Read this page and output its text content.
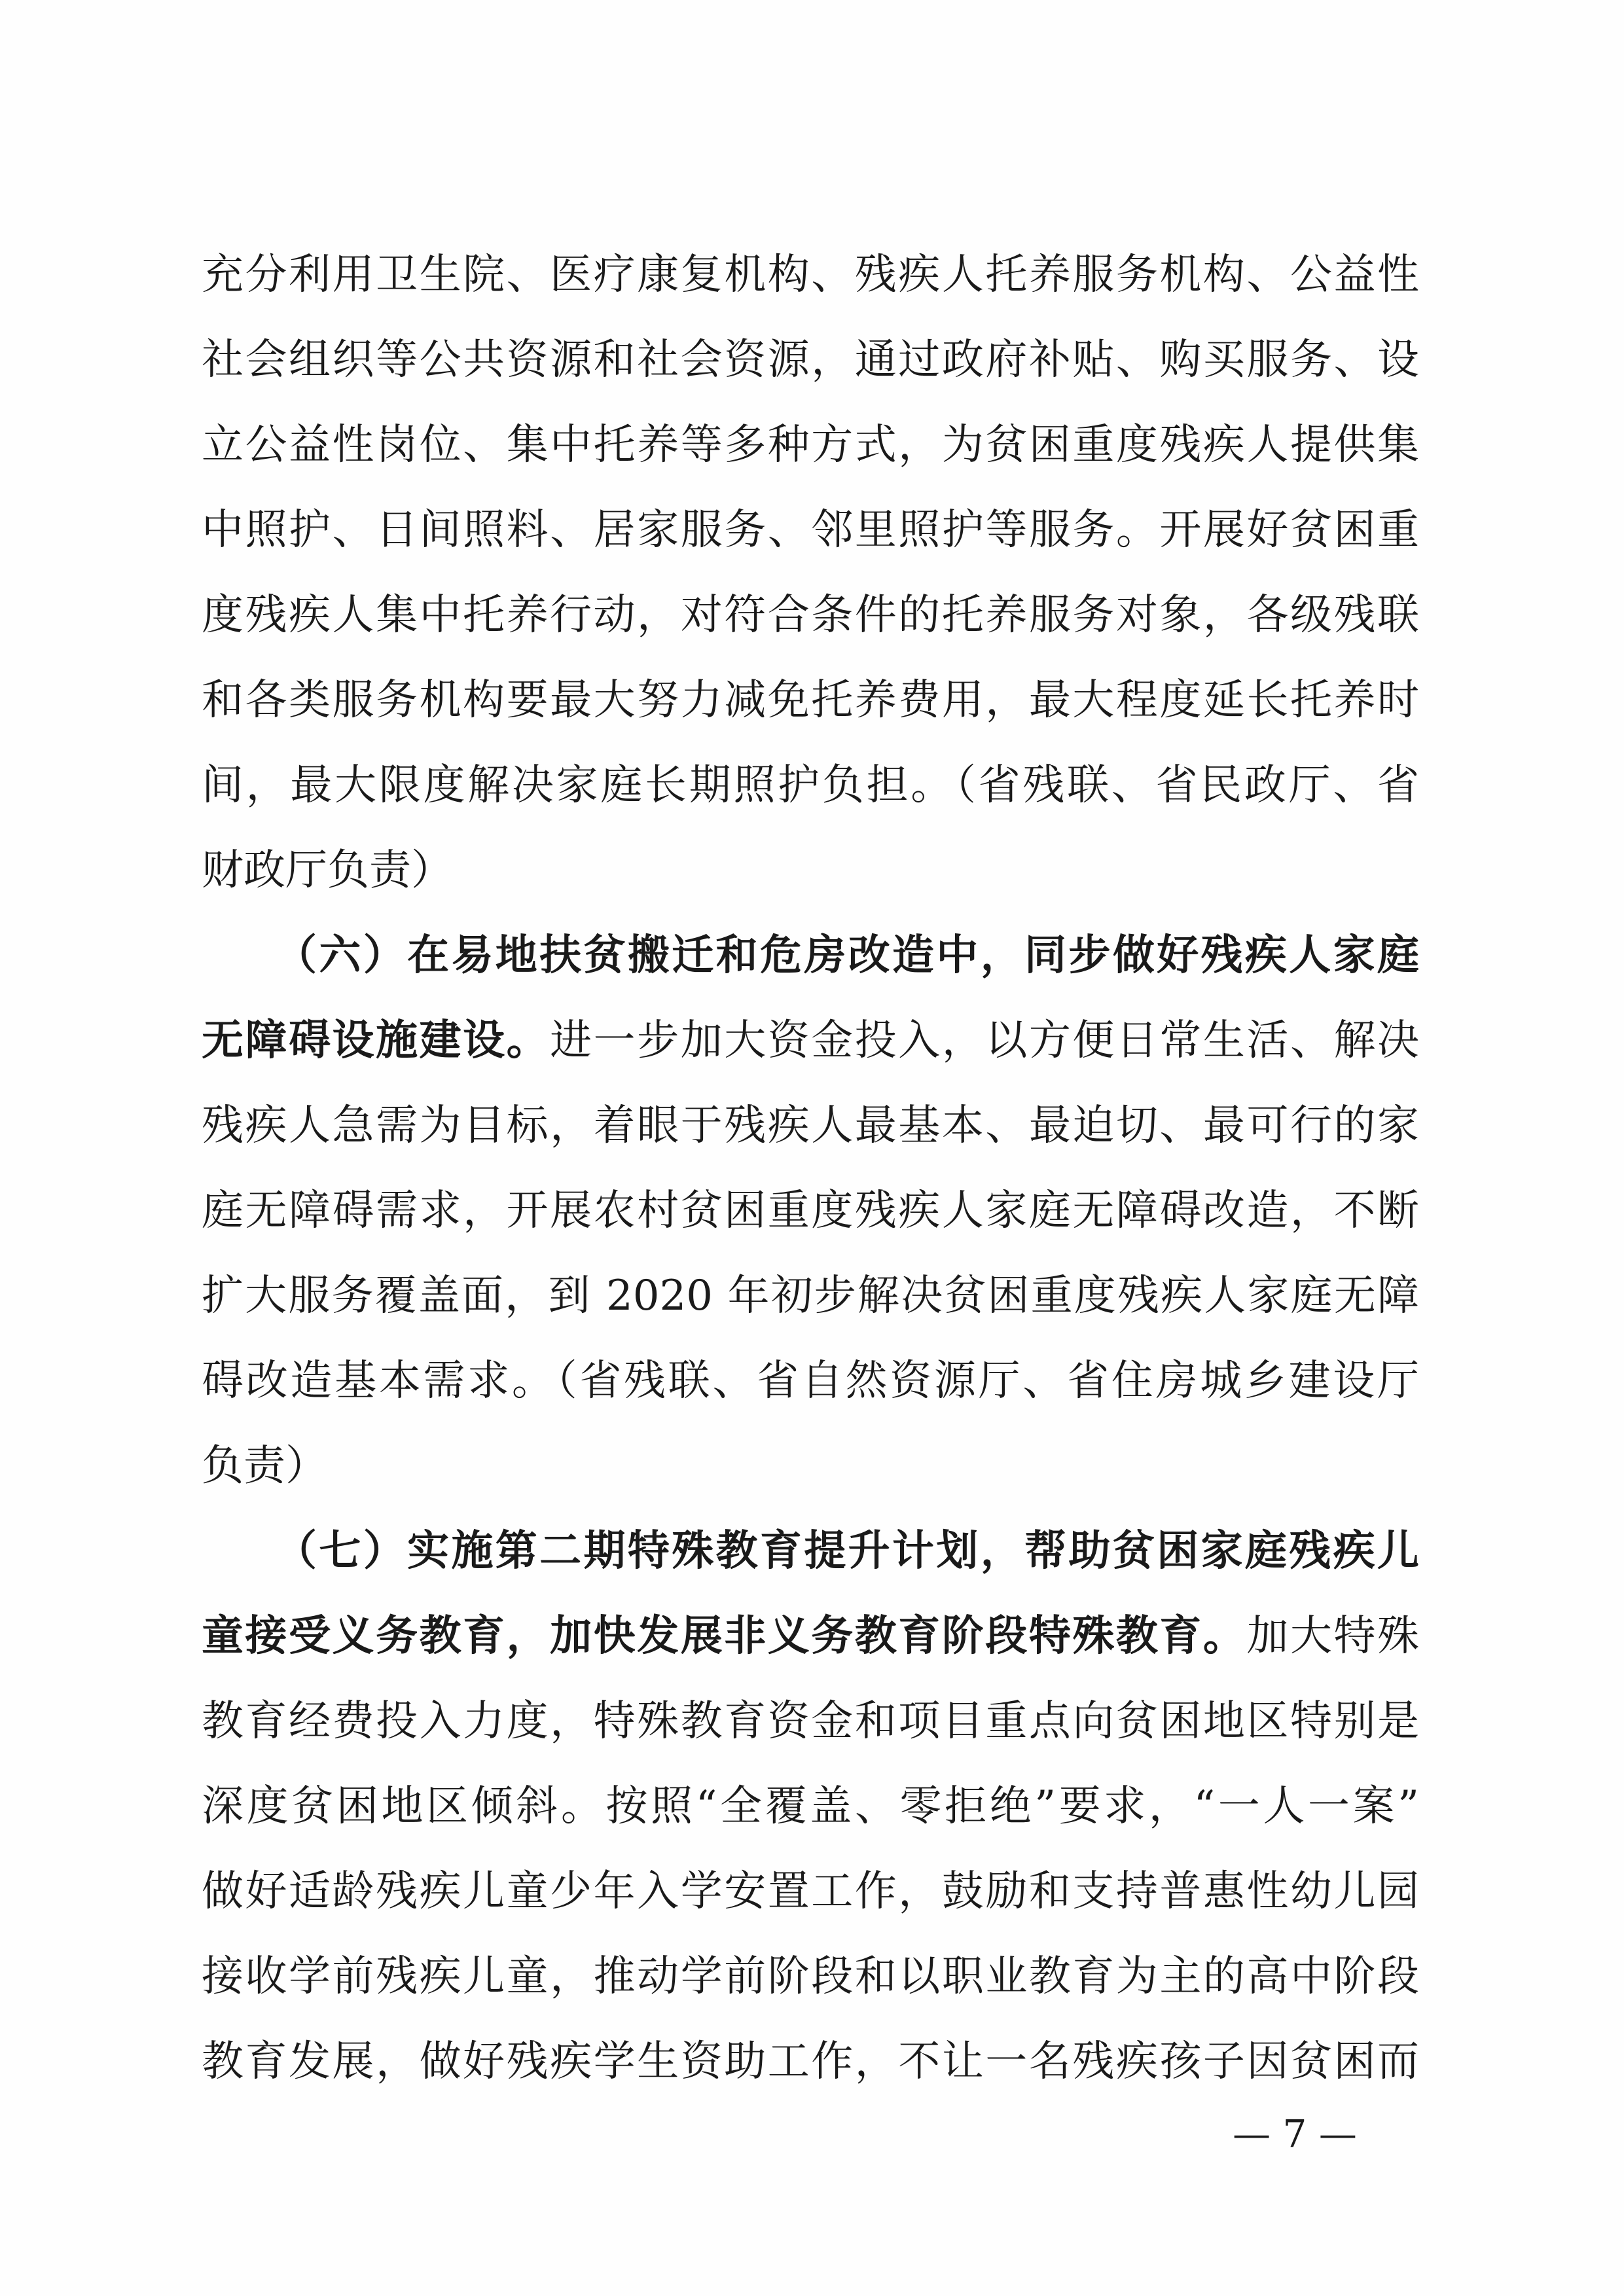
充分利用卫生院、医疗康复机构、残疾人托养服务机构、公益性
社会组织等公共资源和社会资源，通过政府补贴、购买服务、设
立公益性岗位、集中托养等多种方式，为贫困重度残疾人提供集
中照护、日间照料、居家服务、邻里照护等服务。开展好贫困重
度残疾人集中托养行动，对符合条件的托养服务对象，各级残联
和各类服务机构要最大努力减免托养费用，最大程度延长托养时
间，最大限度解决家庭长期照护负担。（省残联、省民政厅、省
财政厅负责）
（六）在易地扶贫搬迁和危房改造中，同步做好残疾人家庭
无障碍设施建设。进一步加大资金投入，以方便日常生活、解决
残疾人急需为目标，着眼于残疾人最基本、最迫切、最可行的家
庭无障碍需求，开展农村贫困重度残疾人家庭无障碍改造，不断
扩大服务覆盖面，到 2020 年初步解决贫困重度残疾人家庭无障
碍改造基本需求。（省残联、省自然资源厅、省住房城乡建设厅
负责）
（七）实施第二期特殊教育提升计划，帮助贫困家庭残疾儿
童接受义务教育，加快发展非义务教育阶段特殊教育。加大特殊
教育经费投入力度，特殊教育资金和项目重点向贫困地区特别是
深度贫困地区倾斜。按照“全覆盖、零拒绝”要求，“一人一案”
做好适龄残疾儿童少年入学安置工作，鼓励和支持普惠性幼儿园
接收学前残疾儿童，推动学前阶段和以职业教育为主的高中阶段
教育发展，做好残疾学生资助工作，不让一名残疾孩子因贫困而
— 7 —
